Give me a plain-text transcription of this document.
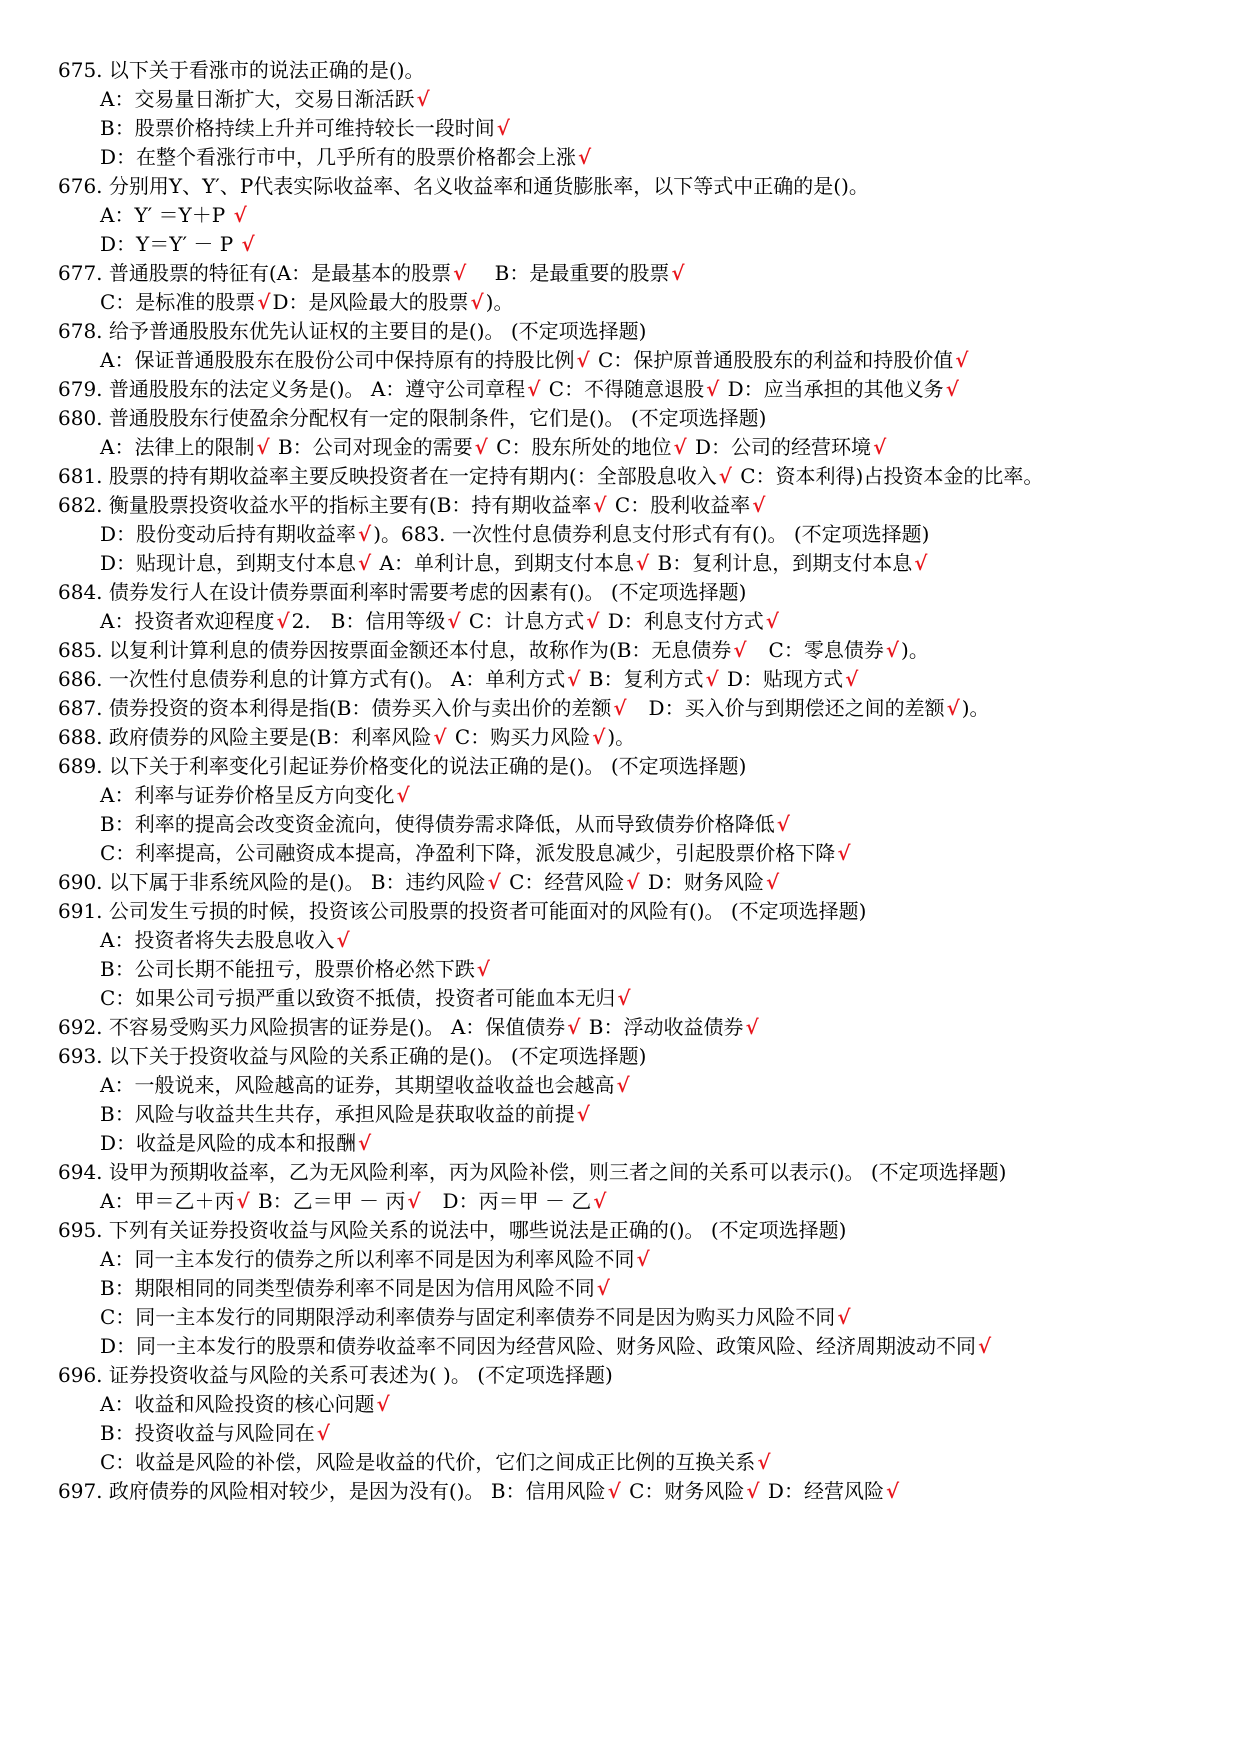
675. 以下关于看涨市的说法正确的是()。
A：交易量日渐扩大，交易日渐活跃 √
B：股票价格持续上升并可维持较长一段时间 √
D：在整个看涨行市中，几乎所有的股票价格都会上涨 √
676. 分别用Y、Y′、P代表实际收益率、名义收益率和通货膨胀率，以下等式中正确的是()。
A：Y′ ＝Y＋P √
D：Y＝Y′ － P √
677. 普通股票的特征有(A：是最基本的股票 √　 B：是最重要的股票 √
C：是标准的股票 √ D：是风险最大的股票 √ )。
678. 给予普通股股东优先认证权的主要目的是()。 (不定项选择题)
A：保证普通股股东在股份公司中保持原有的持股比例 √ C：保护原普通股股东的利益和持股价值 √
679. 普通股股东的法定义务是()。 A：遵守公司章程 √ C：不得随意退股 √ D：应当承担的其他义务 √
680. 普通股股东行使盈余分配权有一定的限制条件，它们是()。 (不定项选择题)
A：法律上的限制 √ B：公司对现金的需要 √ C：股东所处的地位 √ D：公司的经营环境 √
681. 股票的持有期收益率主要反映投资者在一定持有期内(：全部股息收入 √ C：资本利得)占投资本金的比率。
682. 衡量股票投资收益水平的指标主要有(B：持有期收益率 √ C：股利收益率 √
D：股份变动后持有期收益率 √ )。683. 一次性付息债券利息支付形式有有()。 (不定项选择题)
D：贴现计息，到期支付本息 √ A：单利计息，到期支付本息 √ B：复利计息，到期支付本息 √
684. 债券发行人在设计债券票面利率时需要考虑的因素有()。 (不定项选择题)
A：投资者欢迎程度 √ 2.　B：信用等级 √ C：计息方式 √ D：利息支付方式 √
685. 以复利计算利息的债券因按票面金额还本付息，故称作为(B：无息债券 √　C：零息债券 √ )。
686. 一次性付息债券利息的计算方式有()。 A：单利方式 √ B：复利方式 √ D：贴现方式 √
687. 债券投资的资本利得是指(B：债券买入价与卖出价的差额 √　D：买入价与到期偿还之间的差额 √ )。
688. 政府债券的风险主要是(B：利率风险 √ C：购买力风险 √ )。
689. 以下关于利率变化引起证券价格变化的说法正确的是()。 (不定项选择题)
A：利率与证券价格呈反方向变化 √
B：利率的提高会改变资金流向，使得债券需求降低，从而导致债券价格降低 √
C：利率提高，公司融资成本提高，净盈利下降，派发股息减少，引起股票价格下降 √
690. 以下属于非系统风险的是()。 B：违约风险 √ C：经营风险 √ D：财务风险 √
691. 公司发生亏损的时候，投资该公司股票的投资者可能面对的风险有()。 (不定项选择题)
A：投资者将失去股息收入 √
B：公司长期不能扭亏，股票价格必然下跌 √
C：如果公司亏损严重以致资不抵债，投资者可能血本无归 √
692. 不容易受购买力风险损害的证券是()。 A：保值债券 √ B：浮动收益债券 √
693. 以下关于投资收益与风险的关系正确的是()。 (不定项选择题)
A：一般说来，风险越高的证券，其期望收益收益也会越高 √
B：风险与收益共生共存，承担风险是获取收益的前提 √
D：收益是风险的成本和报酬 √
694. 设甲为预期收益率，乙为无风险利率，丙为风险补偿，则三者之间的关系可以表示()。 (不定项选择题)
A：甲＝乙＋丙 √ B：乙＝甲 － 丙 √　D：丙＝甲 － 乙 √
695. 下列有关证券投资收益与风险关系的说法中，哪些说法是正确的()。 (不定项选择题)
A：同一主本发行的债券之所以利率不同是因为利率风险不同 √
B：期限相同的同类型债券利率不同是因为信用风险不同 √
C：同一主本发行的同期限浮动利率债券与固定利率债券不同是因为购买力风险不同 √
D：同一主本发行的股票和债券收益率不同因为经营风险、财务风险、政策风险、经济周期波动不同 √
696. 证券投资收益与风险的关系可表述为( )。 (不定项选择题)
A：收益和风险投资的核心问题 √
B：投资收益与风险同在 √
C：收益是风险的补偿，风险是收益的代价，它们之间成正比例的互换关系 √
697. 政府债券的风险相对较少，是因为没有()。 B：信用风险 √ C：财务风险 √ D：经营风险 √
